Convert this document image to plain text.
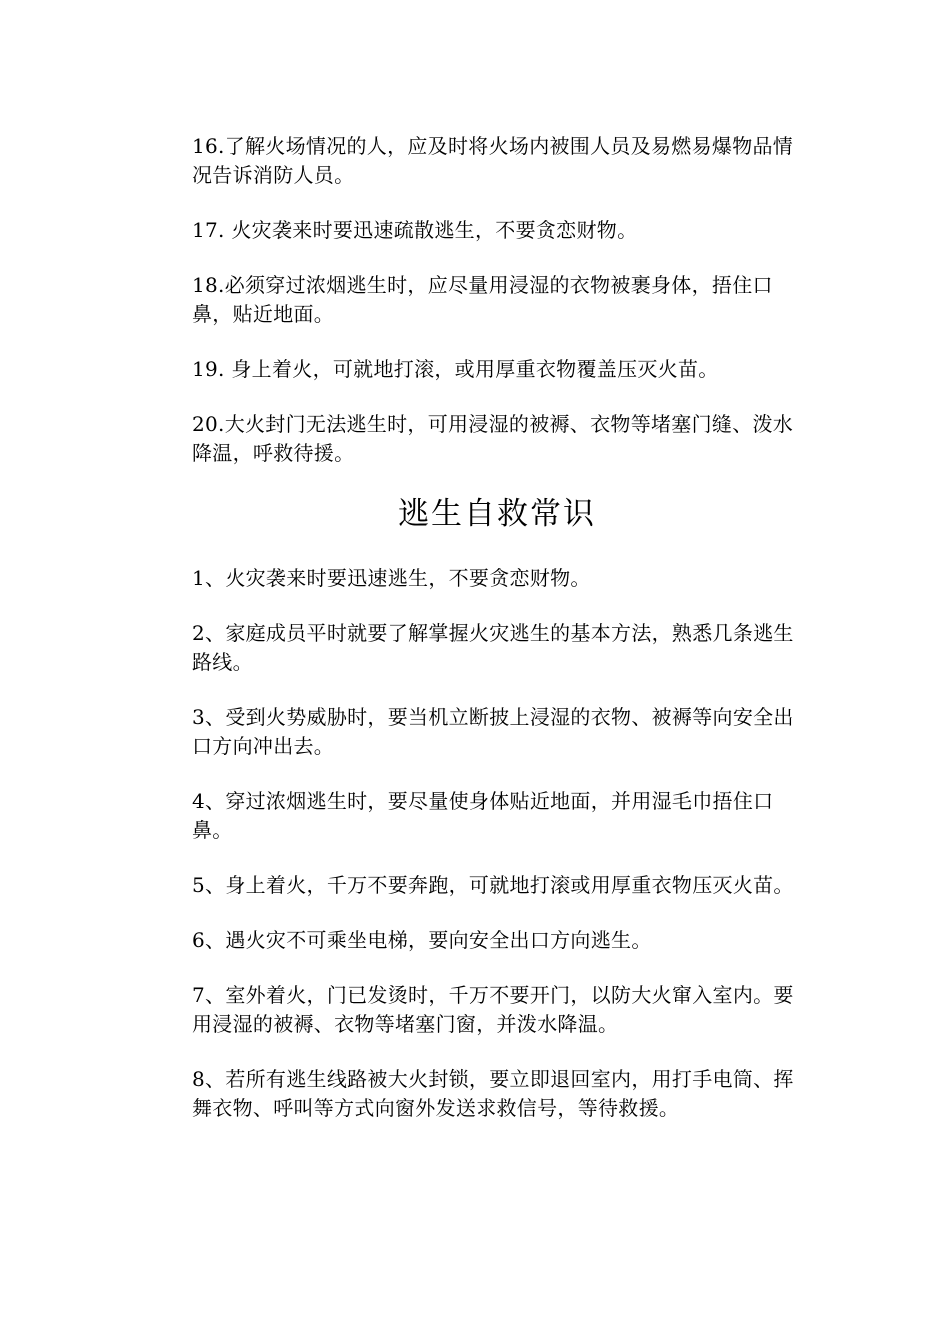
16.了解火场情况的人，应及时将火场内被围人员及易燃易爆物品情况告诉消防人员。

17. 火灾袭来时要迅速疏散逃生，不要贪恋财物。

18.必须穿过浓烟逃生时，应尽量用浸湿的衣物被裹身体，捂住口鼻，贴近地面。

19. 身上着火，可就地打滚，或用厚重衣物覆盖压灭火苗。

20.大火封门无法逃生时，可用浸湿的被褥、衣物等堵塞门缝、泼水降温，呼救待援。

逃生自救常识

1、火灾袭来时要迅速逃生，不要贪恋财物。

2、家庭成员平时就要了解掌握火灾逃生的基本方法，熟悉几条逃生路线。

3、受到火势威胁时，要当机立断披上浸湿的衣物、被褥等向安全出口方向冲出去。

4、穿过浓烟逃生时，要尽量使身体贴近地面，并用湿毛巾捂住口鼻。

5、身上着火，千万不要奔跑，可就地打滚或用厚重衣物压灭火苗。

6、遇火灾不可乘坐电梯，要向安全出口方向逃生。

7、室外着火，门已发烫时，千万不要开门，以防大火窜入室内。要用浸湿的被褥、衣物等堵塞门窗，并泼水降温。

8、若所有逃生线路被大火封锁，要立即退回室内，用打手电筒、挥舞衣物、呼叫等方式向窗外发送求救信号，等待救援。
